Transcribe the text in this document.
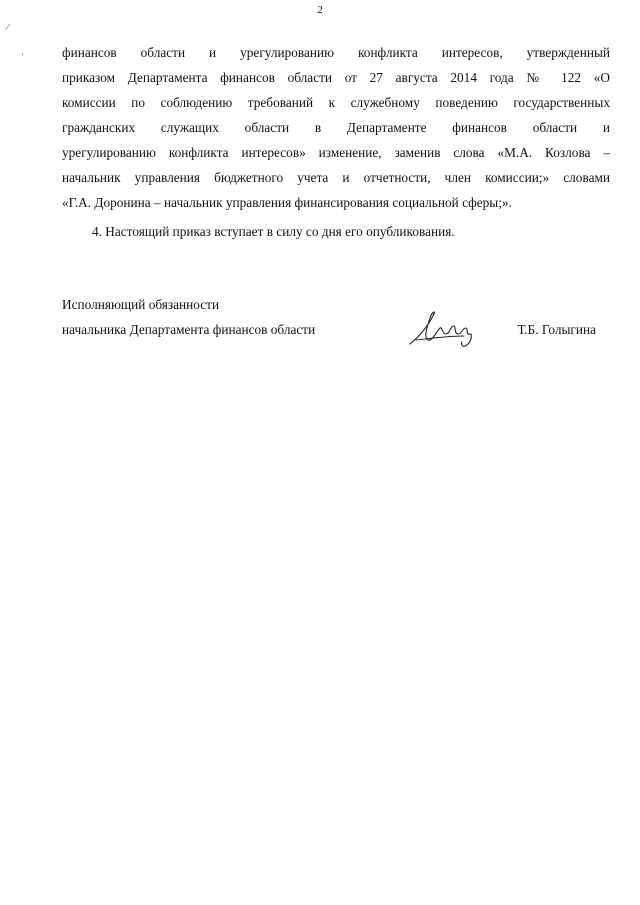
2
/
'	финансов области и урегулированию конфликта интересов, утвержденный
приказом Департамента финансов области от 27 августа 2014 года № 122 «О
комиссии по соблюдению требований к служебному поведению государственных
гражданских служащих области в Департаменте финансов области и
урегулированию конфликта интересов» изменение, заменив слова «М.А. Козлова –
начальник управления бюджетного учета и отчетности, член комиссии;» словами
«Г.А. Доронина – начальник управления финансирования социальной сферы;».
4. Настоящий приказ вступает в силу со дня его опубликования.
Исполняющий обязанности
начальника Департамента финансов области	Т.Б. Голыгина
